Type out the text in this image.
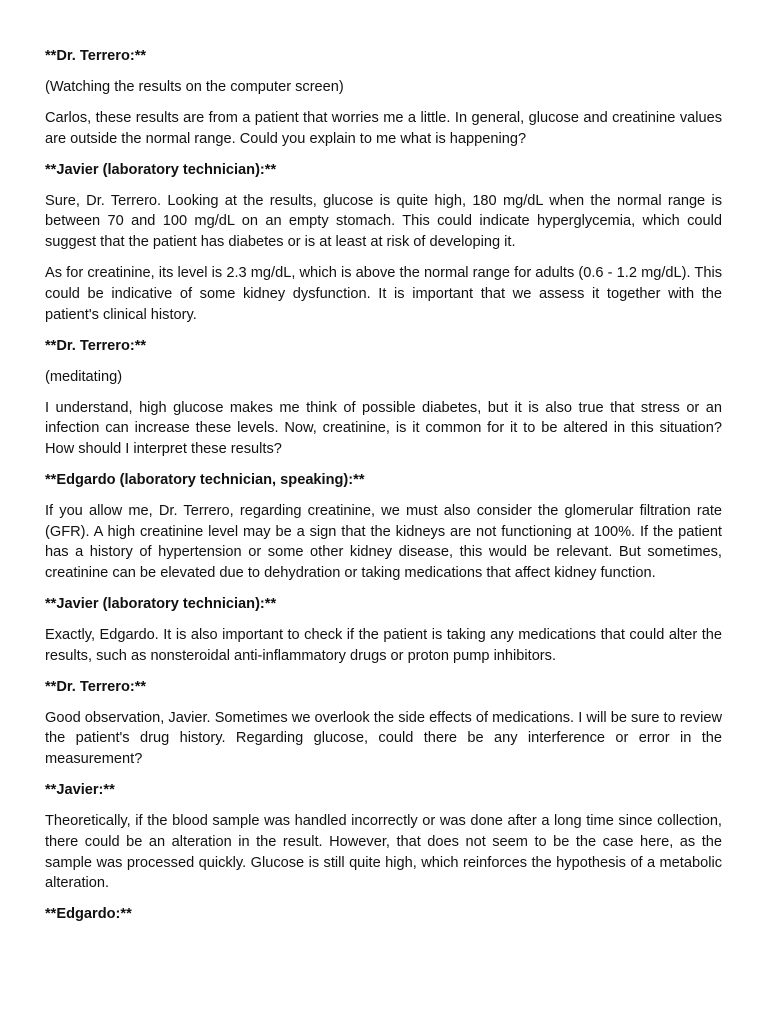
**Dr. Terrero:**

(Watching the results on the computer screen)

Carlos, these results are from a patient that worries me a little. In general, glucose and creatinine values are outside the normal range. Could you explain to me what is happening?

**Javier (laboratory technician):**

Sure, Dr. Terrero. Looking at the results, glucose is quite high, 180 mg/dL when the normal range is between 70 and 100 mg/dL on an empty stomach. This could indicate hyperglycemia, which could suggest that the patient has diabetes or is at least at risk of developing it.

As for creatinine, its level is 2.3 mg/dL, which is above the normal range for adults (0.6 - 1.2 mg/dL). This could be indicative of some kidney dysfunction. It is important that we assess it together with the patient's clinical history.

**Dr. Terrero:**

(meditating)

I understand, high glucose makes me think of possible diabetes, but it is also true that stress or an infection can increase these levels. Now, creatinine, is it common for it to be altered in this situation? How should I interpret these results?

**Edgardo (laboratory technician, speaking):**

If you allow me, Dr. Terrero, regarding creatinine, we must also consider the glomerular filtration rate (GFR). A high creatinine level may be a sign that the kidneys are not functioning at 100%. If the patient has a history of hypertension or some other kidney disease, this would be relevant. But sometimes, creatinine can be elevated due to dehydration or taking medications that affect kidney function.

**Javier (laboratory technician):**

Exactly, Edgardo. It is also important to check if the patient is taking any medications that could alter the results, such as nonsteroidal anti-inflammatory drugs or proton pump inhibitors.

**Dr. Terrero:**

Good observation, Javier. Sometimes we overlook the side effects of medications. I will be sure to review the patient's drug history. Regarding glucose, could there be any interference or error in the measurement?

**Javier:**

Theoretically, if the blood sample was handled incorrectly or was done after a long time since collection, there could be an alteration in the result. However, that does not seem to be the case here, as the sample was processed quickly. Glucose is still quite high, which reinforces the hypothesis of a metabolic alteration.

**Edgardo:**
